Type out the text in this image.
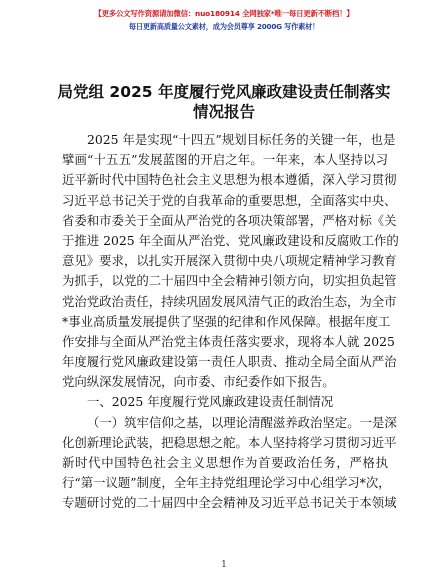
【更多公文写作资源请加微信：nuo180914 全网独家*唯一每日更新不断档！】
每日更新高质量公文素材，成为会员尊享 2000G 写作素材！
局党组 2025 年度履行党风廉政建设责任制落实
情况报告
2025 年是实现“十四五”规划目标任务的关键一年，也是
擘画“十五五”发展蓝图的开启之年。一年来，本人坚持以习
近平新时代中国特色社会主义思想为根本遵循，深入学习贯彻
习近平总书记关于党的自我革命的重要思想，全面落实中央、
省委和市委关于全面从严治党的各项决策部署，严格对标《关
于推进 2025 年全面从严治党、党风廉政建设和反腐败工作的
意见》要求，以扎实开展深入贯彻中央八项规定精神学习教育
为抓手，以党的二十届四中全会精神引领方向，切实担负起管
党治党政治责任，持续巩固发展风清气正的政治生态，为全市
*事业高质量发展提供了坚强的纪律和作风保障。根据年度工
作安排与全面从严治党主体责任落实要求，现将本人就 2025
年度履行党风廉政建设第一责任人职责、推动全局全面从严治
党向纵深发展情况，向市委、市纪委作如下报告。
一、2025 年度履行党风廉政建设责任制情况
（一）筑牢信仰之基，以理论清醒滋养政治坚定。一是深
化创新理论武装，把稳思想之舵。本人坚持将学习贯彻习近平
新时代中国特色社会主义思想作为首要政治任务，严格执
行“第一议题”制度，全年主持党组理论学习中心组学习*次，
专题研讨党的二十届四中全会精神及习近平总书记关于本领域
1
